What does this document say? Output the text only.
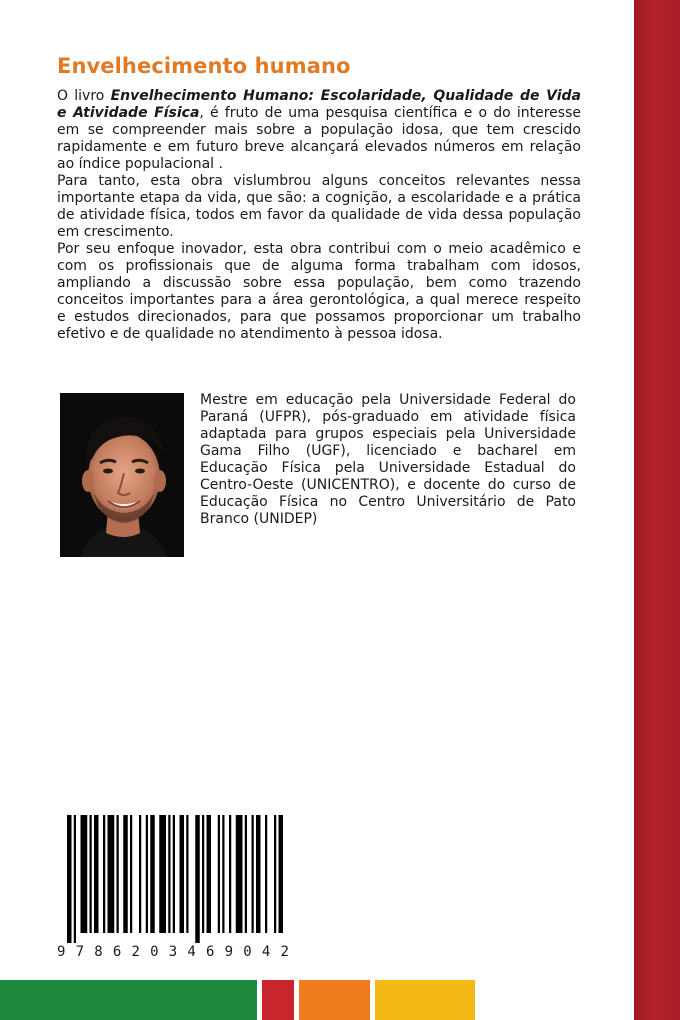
Envelhecimento humano

O livro Envelhecimento Humano: Escolaridade, Qualidade de Vida e Atividade Física, é fruto de uma pesquisa científica e o do interesse em se compreender mais sobre a população idosa, que tem crescido rapidamente e em futuro breve alcançará elevados números em relação ao índice populacional .

Para tanto, esta obra vislumbrou alguns conceitos relevantes nessa importante etapa da vida, que são: a cognição, a escolaridade e a prática de atividade física, todos em favor da qualidade de vida dessa população em crescimento.

Por seu enfoque inovador, esta obra contribui com o meio acadêmico e com os profissionais que de alguma forma trabalham com idosos, ampliando a discussão sobre essa população, bem como trazendo conceitos importantes para a área gerontológica, a qual merece respeito e estudos direcionados, para que possamos proporcionar um trabalho efetivo e de qualidade no atendimento à pessoa idosa.

Mestre em educação pela Universidade Federal do Paraná (UFPR), pós-graduado em atividade física adaptada para grupos especiais pela Universidade Gama Filho (UGF), licenciado e bacharel em Educação Física pela Universidade Estadual do Centro-Oeste (UNICENTRO), e docente do curso de Educação Física no Centro Universitário de Pato Branco (UNIDEP)

9 7 8 6 2 0 3 4 6 9 0 4 2
